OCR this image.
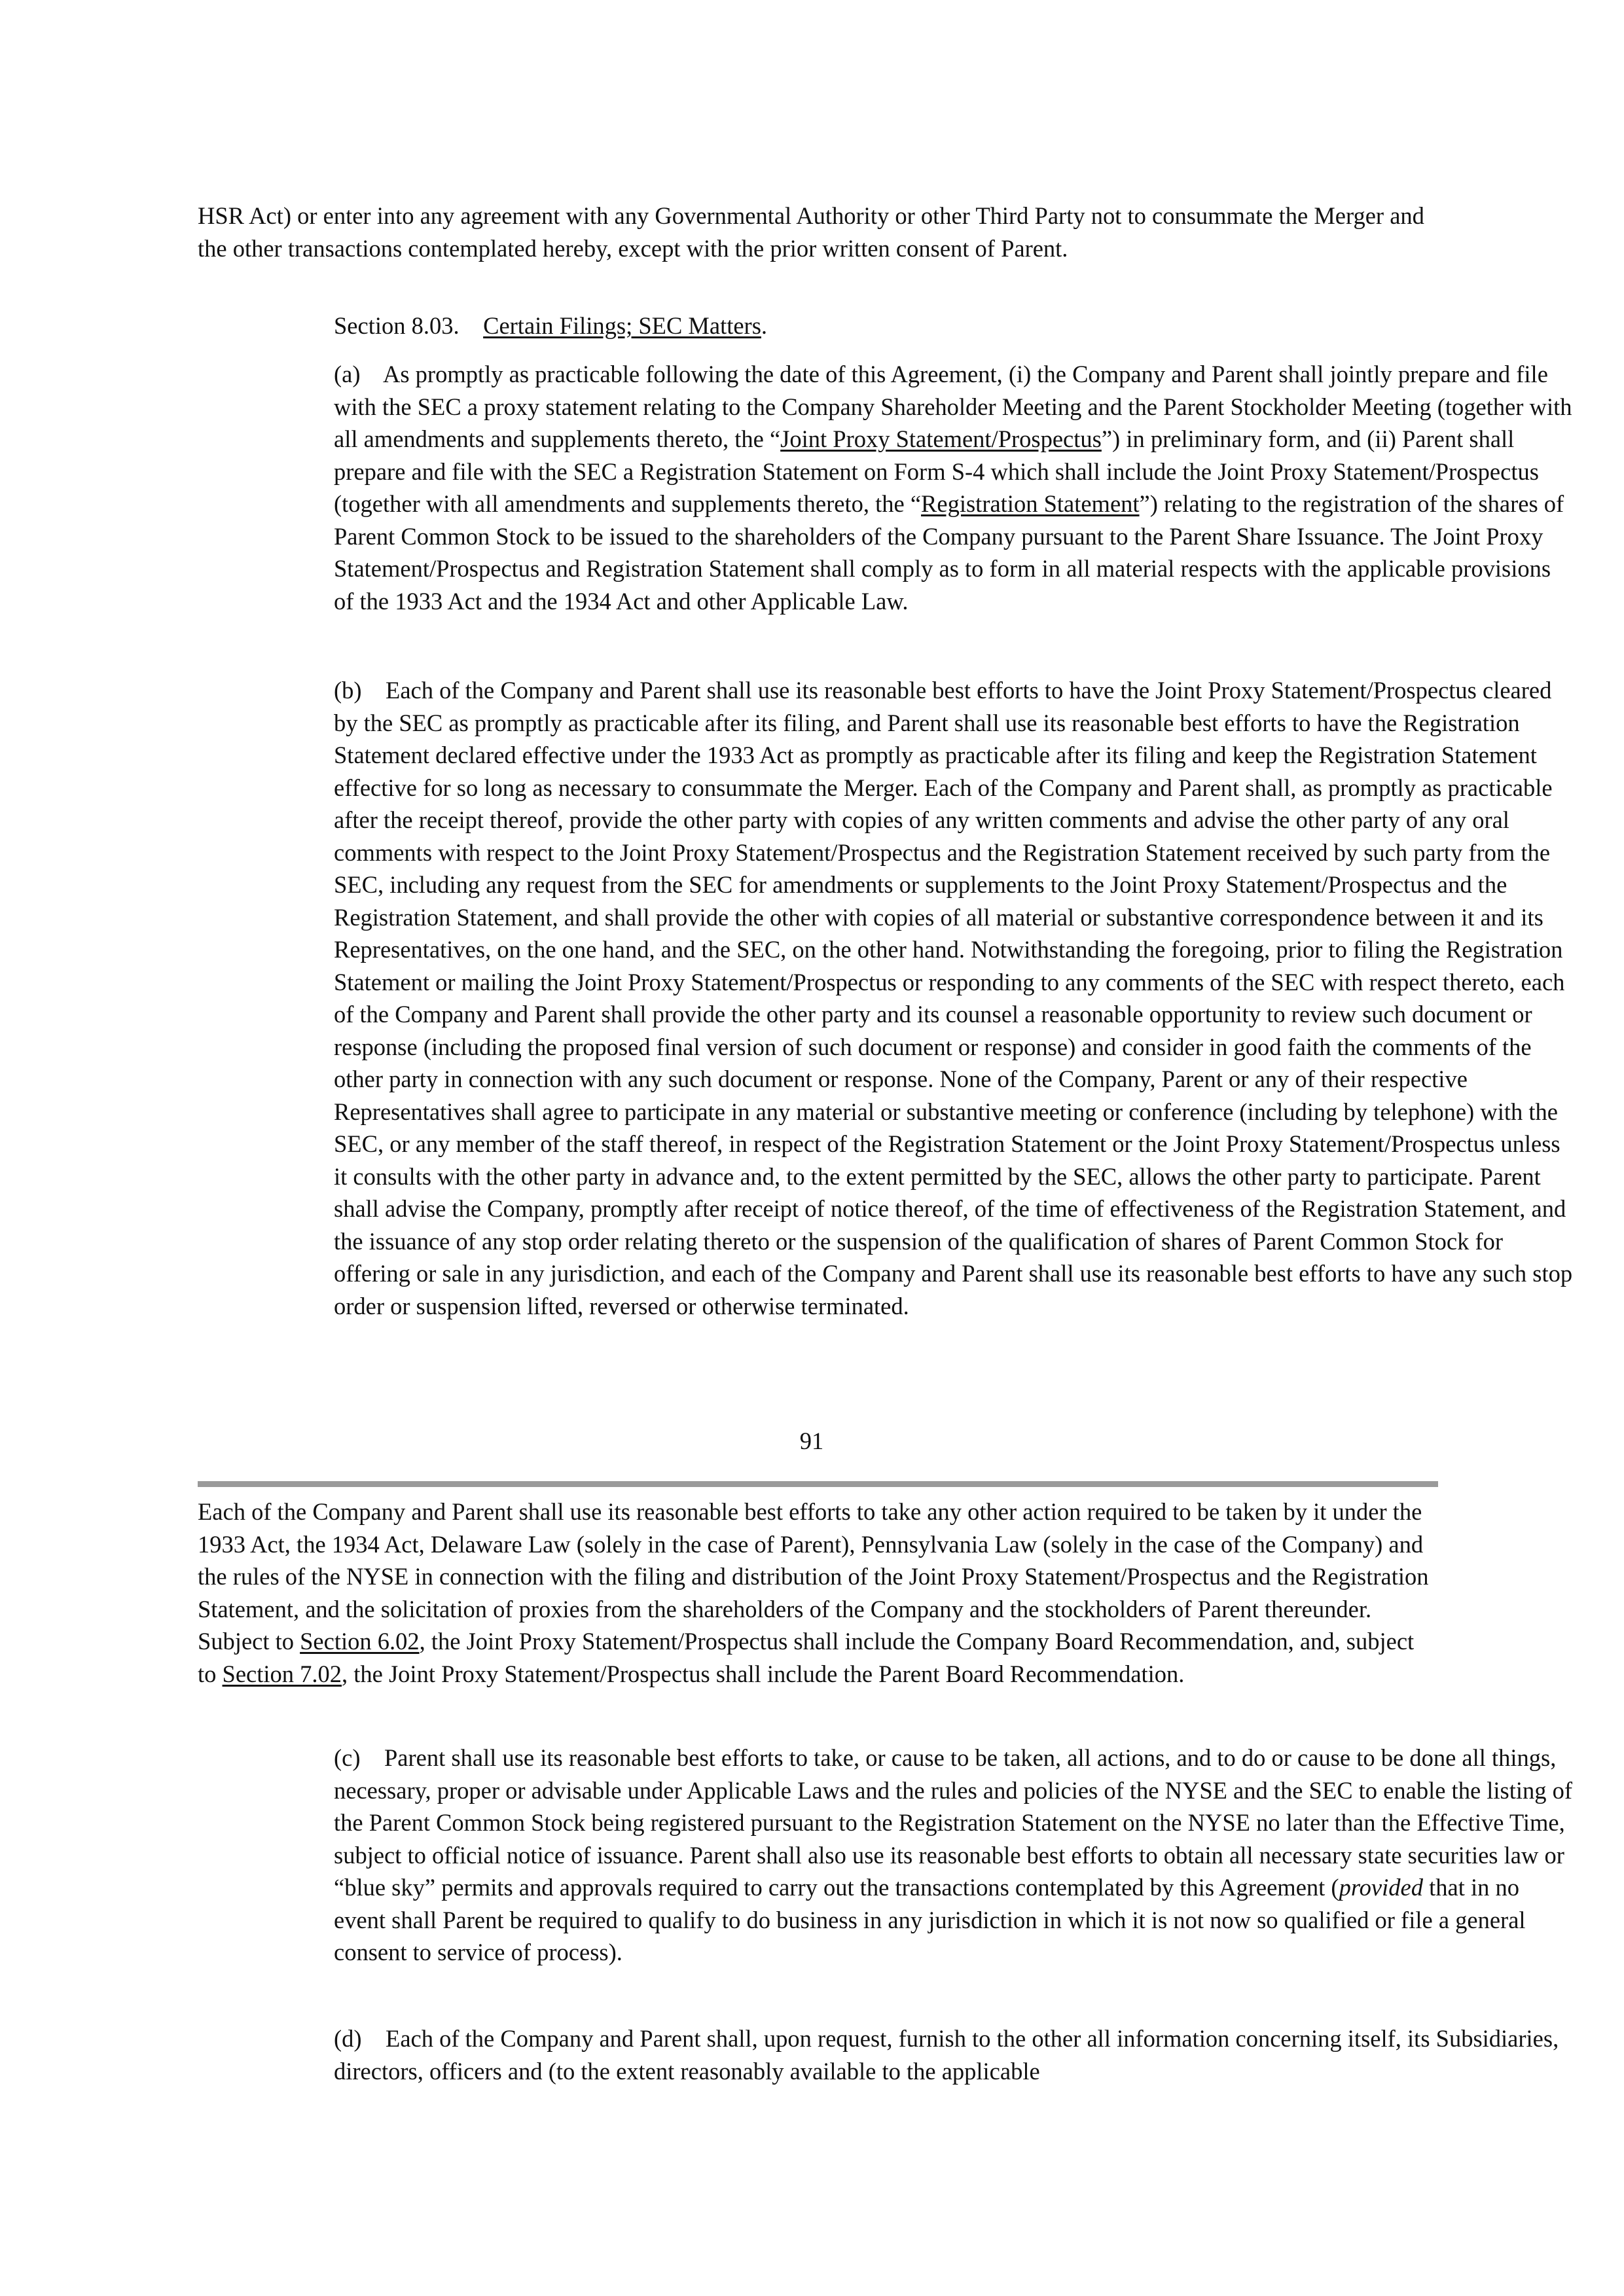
HSR Act) or enter into any agreement with any Governmental Authority or other Third Party not to consummate the Merger and the other transactions contemplated hereby, except with the prior written consent of Parent.

Section 8.03. Certain Filings; SEC Matters.

(a)    As promptly as practicable following the date of this Agreement, (i) the Company and Parent shall jointly prepare and file with the SEC a proxy statement relating to the Company Shareholder Meeting and the Parent Stockholder Meeting (together with all amendments and supplements thereto, the “Joint Proxy Statement/Prospectus”) in preliminary form, and (ii) Parent shall prepare and file with the SEC a Registration Statement on Form S-4 which shall include the Joint Proxy Statement/Prospectus (together with all amendments and supplements thereto, the “Registration Statement”) relating to the registration of the shares of Parent Common Stock to be issued to the shareholders of the Company pursuant to the Parent Share Issuance. The Joint Proxy Statement/Prospectus and Registration Statement shall comply as to form in all material respects with the applicable provisions of the 1933 Act and the 1934 Act and other Applicable Law.

(b)    Each of the Company and Parent shall use its reasonable best efforts to have the Joint Proxy Statement/Prospectus cleared by the SEC as promptly as practicable after its filing, and Parent shall use its reasonable best efforts to have the Registration Statement declared effective under the 1933 Act as promptly as practicable after its filing and keep the Registration Statement effective for so long as necessary to consummate the Merger. Each of the Company and Parent shall, as promptly as practicable after the receipt thereof, provide the other party with copies of any written comments and advise the other party of any oral comments with respect to the Joint Proxy Statement/Prospectus and the Registration Statement received by such party from the SEC, including any request from the SEC for amendments or supplements to the Joint Proxy Statement/Prospectus and the Registration Statement, and shall provide the other with copies of all material or substantive correspondence between it and its Representatives, on the one hand, and the SEC, on the other hand. Notwithstanding the foregoing, prior to filing the Registration Statement or mailing the Joint Proxy Statement/Prospectus or responding to any comments of the SEC with respect thereto, each of the Company and Parent shall provide the other party and its counsel a reasonable opportunity to review such document or response (including the proposed final version of such document or response) and consider in good faith the comments of the other party in connection with any such document or response. None of the Company, Parent or any of their respective Representatives shall agree to participate in any material or substantive meeting or conference (including by telephone) with the SEC, or any member of the staff thereof, in respect of the Registration Statement or the Joint Proxy Statement/Prospectus unless it consults with the other party in advance and, to the extent permitted by the SEC, allows the other party to participate. Parent shall advise the Company, promptly after receipt of notice thereof, of the time of effectiveness of the Registration Statement, and the issuance of any stop order relating thereto or the suspension of the qualification of shares of Parent Common Stock for offering or sale in any jurisdiction, and each of the Company and Parent shall use its reasonable best efforts to have any such stop order or suspension lifted, reversed or otherwise terminated.

91

Each of the Company and Parent shall use its reasonable best efforts to take any other action required to be taken by it under the 1933 Act, the 1934 Act, Delaware Law (solely in the case of Parent), Pennsylvania Law (solely in the case of the Company) and the rules of the NYSE in connection with the filing and distribution of the Joint Proxy Statement/Prospectus and the Registration Statement, and the solicitation of proxies from the shareholders of the Company and the stockholders of Parent thereunder. Subject to Section 6.02, the Joint Proxy Statement/Prospectus shall include the Company Board Recommendation, and, subject to Section 7.02, the Joint Proxy Statement/Prospectus shall include the Parent Board Recommendation.

(c)    Parent shall use its reasonable best efforts to take, or cause to be taken, all actions, and to do or cause to be done all things, necessary, proper or advisable under Applicable Laws and the rules and policies of the NYSE and the SEC to enable the listing of the Parent Common Stock being registered pursuant to the Registration Statement on the NYSE no later than the Effective Time, subject to official notice of issuance. Parent shall also use its reasonable best efforts to obtain all necessary state securities law or “blue sky” permits and approvals required to carry out the transactions contemplated by this Agreement (provided that in no event shall Parent be required to qualify to do business in any jurisdiction in which it is not now so qualified or file a general consent to service of process).

(d)    Each of the Company and Parent shall, upon request, furnish to the other all information concerning itself, its Subsidiaries, directors, officers and (to the extent reasonably available to the applicable
